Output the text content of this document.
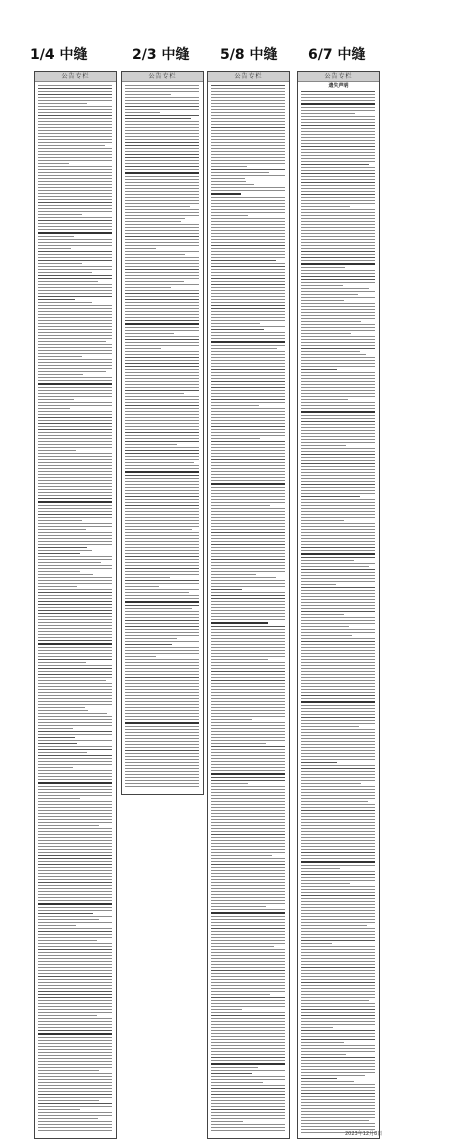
1/4 中缝	2/3 中缝 5/8 中缝 6/7 中缝
公告专栏	公告专栏	公告专栏	公告专栏
遗失声明
2023年12月8日
